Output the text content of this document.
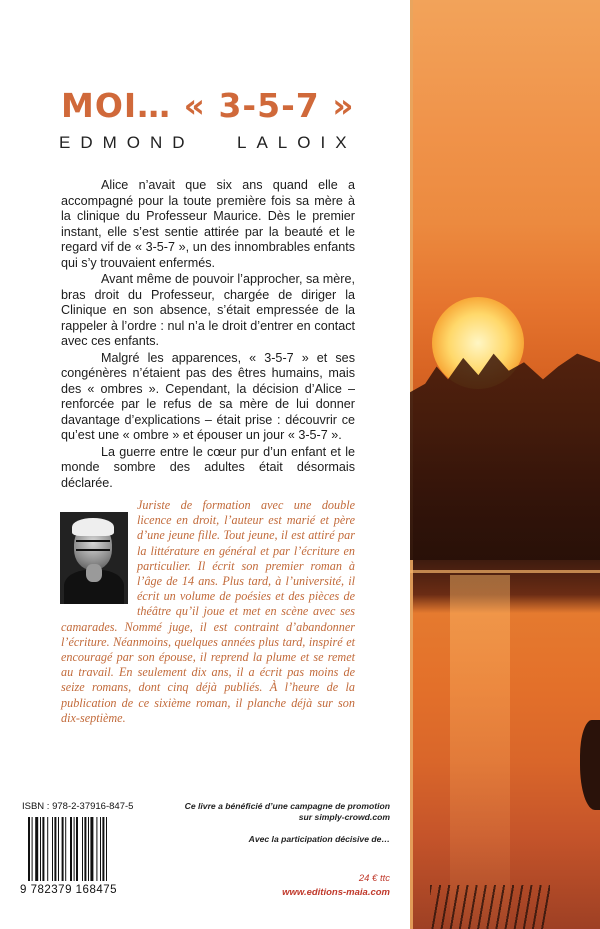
MOI… « 3-5-7 »
EDMOND LALOIX

Alice n’avait que six ans quand elle a accompagné pour la toute première fois sa mère à la clinique du Professeur Maurice. Dès le premier instant, elle s’est sentie attirée par la beauté et le regard vif de « 3-5-7 », un des innombrables enfants qui s’y trouvaient enfermés.

Avant même de pouvoir l’approcher, sa mère, bras droit du Professeur, chargée de diriger la Clinique en son absence, s’était empressée de la rappeler à l’ordre : nul n’a le droit d’entrer en contact avec ces enfants.

Malgré les apparences, « 3-5-7 » et ses congénères n’étaient pas des êtres humains, mais des « ombres ». Cependant, la décision d’Alice – renforcée par le refus de sa mère de lui donner davantage d’explications – était prise : découvrir ce qu’est une « ombre » et épouser un jour « 3-5-7 ».

La guerre entre le cœur pur d’un enfant et le monde sombre des adultes était désormais déclarée.

Juriste de formation avec une double licence en droit, l’auteur est marié et père d’une jeune fille. Tout jeune, il est attiré par la littérature en général et par l’écriture en particulier. Il écrit son premier roman à l’âge de 14 ans. Plus tard, à l’université, il écrit un volume de poésies et des pièces de théâtre qu’il joue et met en scène avec ses camarades. Nommé juge, il est contraint d’abandonner l’écriture. Néanmoins, quelques années plus tard, inspiré et encouragé par son épouse, il reprend la plume et se remet au travail. En seulement dix ans, il a écrit pas moins de seize romans, dont cinq déjà publiés. À l’heure de la publication de ce sixième roman, il planche déjà sur son dix-septième.
ISBN : 978-2-37916-847-5
9 782379 168475
Ce livre a bénéficié d’une campagne de promotion
sur simply-crowd.com
Avec la participation décisive de…
24 € ttc
www.editions-maia.com
